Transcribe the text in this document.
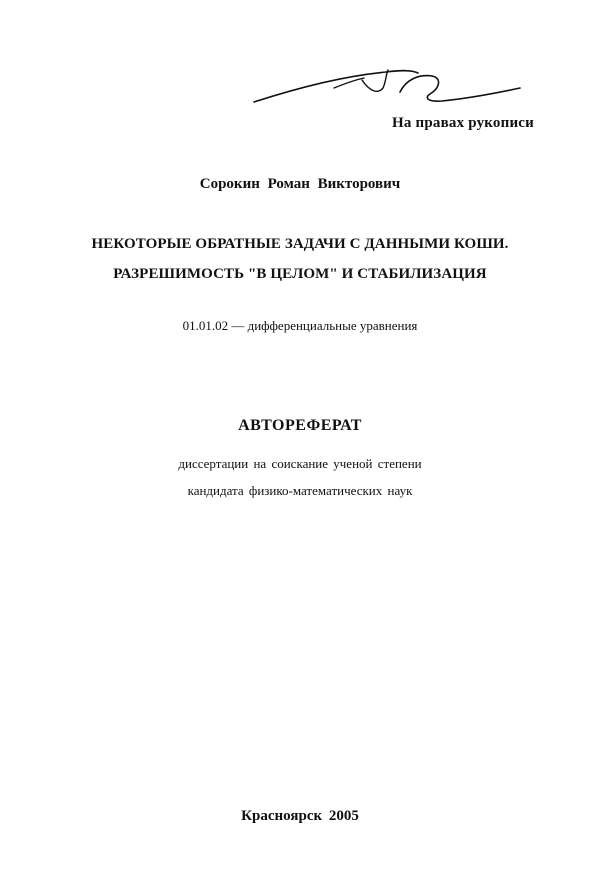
На правах рукописи
Сорокин Роман Викторович
НЕКОТОРЫЕ ОБРАТНЫЕ ЗАДАЧИ С ДАННЫМИ КОШИ.
РАЗРЕШИМОСТЬ "В ЦЕЛОМ" И СТАБИЛИЗАЦИЯ
01.01.02 — дифференциальные уравнения
АВТОРЕФЕРАТ
диссертации на соискание ученой степени
кандидата физико-математических наук
Красноярск 2005
